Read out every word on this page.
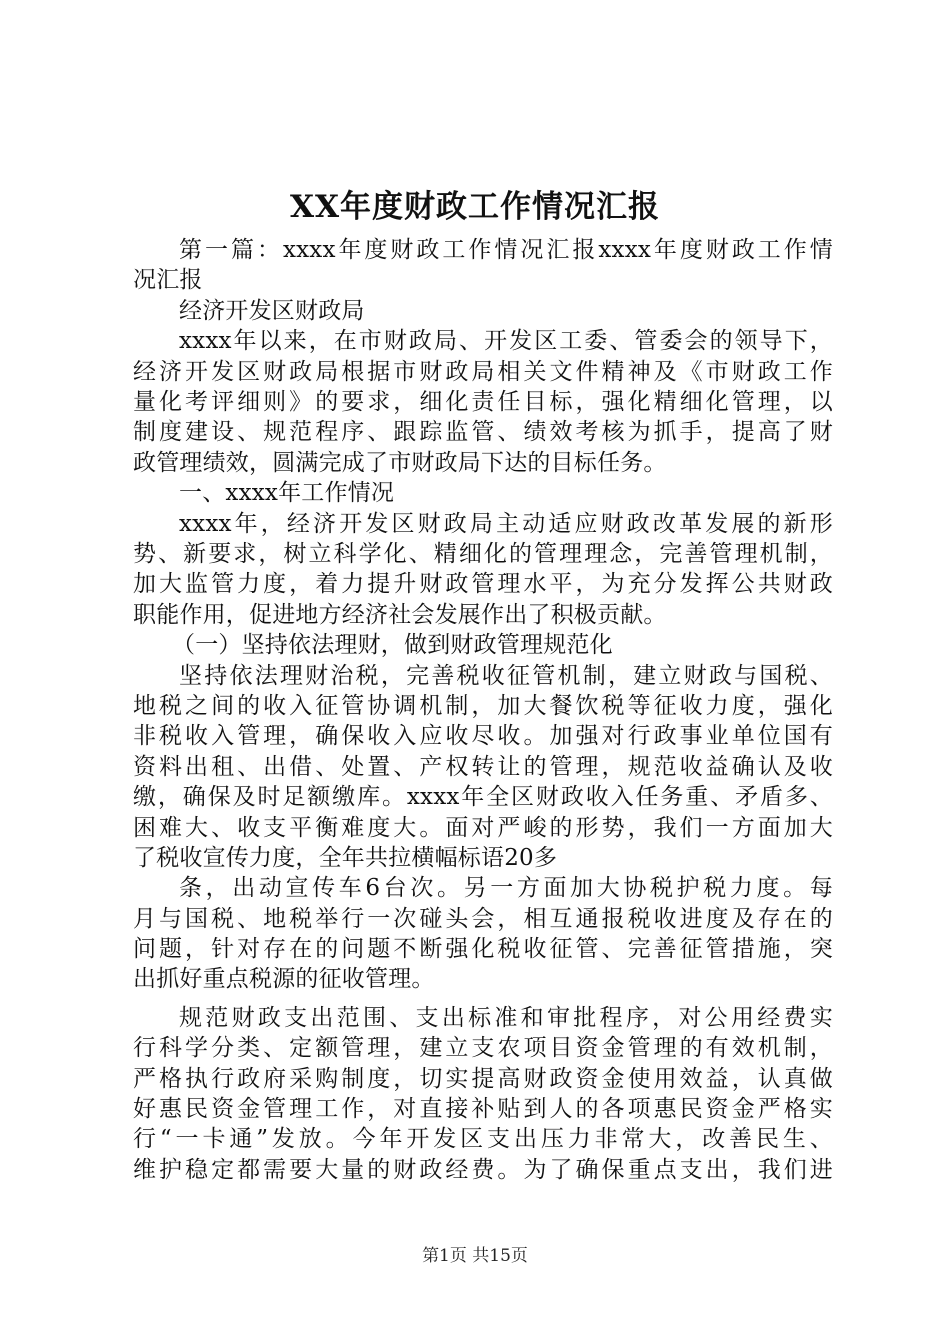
XX年度财政工作情况汇报
第一篇：xxxx年度财政工作情况汇报xxxx年度财政工作情
况汇报
经济开发区财政局
xxxx年以来，在市财政局、开发区工委、管委会的领导下，
经济开发区财政局根据市财政局相关文件精神及《市财政工作
量化考评细则》的要求，细化责任目标，强化精细化管理，以
制度建设、规范程序、跟踪监管、绩效考核为抓手，提高了财
政管理绩效，圆满完成了市财政局下达的目标任务。
一、xxxx年工作情况
xxxx年，经济开发区财政局主动适应财政改革发展的新形
势、新要求，树立科学化、精细化的管理理念，完善管理机制，
加大监管力度，着力提升财政管理水平，为充分发挥公共财政
职能作用，促进地方经济社会发展作出了积极贡献。
（一）坚持依法理财，做到财政管理规范化
坚持依法理财治税，完善税收征管机制，建立财政与国税、
地税之间的收入征管协调机制，加大餐饮税等征收力度，强化
非税收入管理，确保收入应收尽收。加强对行政事业单位国有
资料出租、出借、处置、产权转让的管理，规范收益确认及收
缴，确保及时足额缴库。xxxx年全区财政收入任务重、矛盾多、
困难大、收支平衡难度大。面对严峻的形势，我们一方面加大
了税收宣传力度，全年共拉横幅标语20多
条，出动宣传车6台次。另一方面加大协税护税力度。每
月与国税、地税举行一次碰头会，相互通报税收进度及存在的
问题，针对存在的问题不断强化税收征管、完善征管措施，突
出抓好重点税源的征收管理。
规范财政支出范围、支出标准和审批程序，对公用经费实
行科学分类、定额管理，建立支农项目资金管理的有效机制，
严格执行政府采购制度，切实提高财政资金使用效益，认真做
好惠民资金管理工作，对直接补贴到人的各项惠民资金严格实
行“一卡通”发放。今年开发区支出压力非常大，改善民生、
维护稳定都需要大量的财政经费。为了确保重点支出，我们进
第1页 共15页
